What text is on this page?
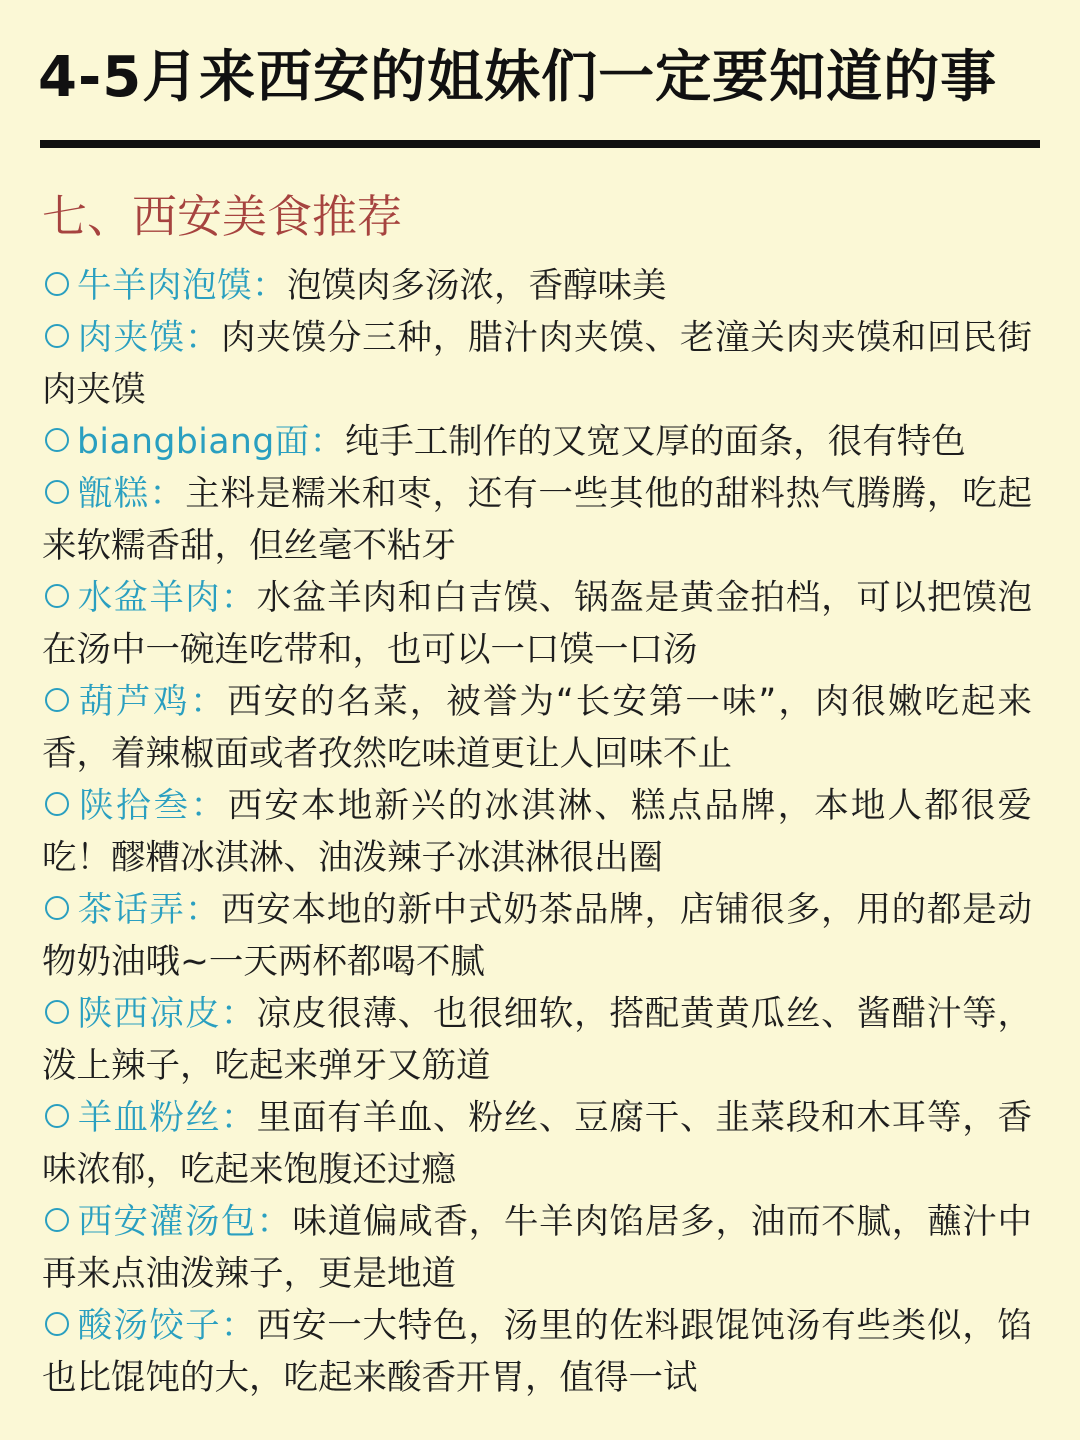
4-5月来西安的姐妹们一定要知道的事
七、西安美食推荐
牛羊肉泡馍：泡馍肉多汤浓，香醇味美
肉夹馍：肉夹馍分三种，腊汁肉夹馍、老潼关肉夹馍和回民街肉夹馍
biangbiang面：纯手工制作的又宽又厚的面条，很有特色
甑糕：主料是糯米和枣，还有一些其他的甜料热气腾腾，吃起来软糯香甜，但丝毫不粘牙
水盆羊肉：水盆羊肉和白吉馍、锅盔是黄金拍档，可以把馍泡在汤中一碗连吃带和，也可以一口馍一口汤
葫芦鸡：西安的名菜，被誉为“长安第一味”，肉很嫩吃起来香，着辣椒面或者孜然吃味道更让人回味不止
陕拾叁：西安本地新兴的冰淇淋、糕点品牌，本地人都很爱吃！醪糟冰淇淋、油泼辣子冰淇淋很出圈
茶话弄：西安本地的新中式奶茶品牌，店铺很多，用的都是动物奶油哦~一天两杯都喝不腻
陕西凉皮：凉皮很薄、也很细软，搭配黄黄瓜丝、酱醋汁等，泼上辣子，吃起来弹牙又筋道
羊血粉丝：里面有羊血、粉丝、豆腐干、韭菜段和木耳等，香味浓郁，吃起来饱腹还过瘾
西安灌汤包：味道偏咸香，牛羊肉馅居多，油而不腻，蘸汁中再来点油泼辣子，更是地道
酸汤饺子：西安一大特色，汤里的佐料跟馄饨汤有些类似，馅也比馄饨的大，吃起来酸香开胃，值得一试
